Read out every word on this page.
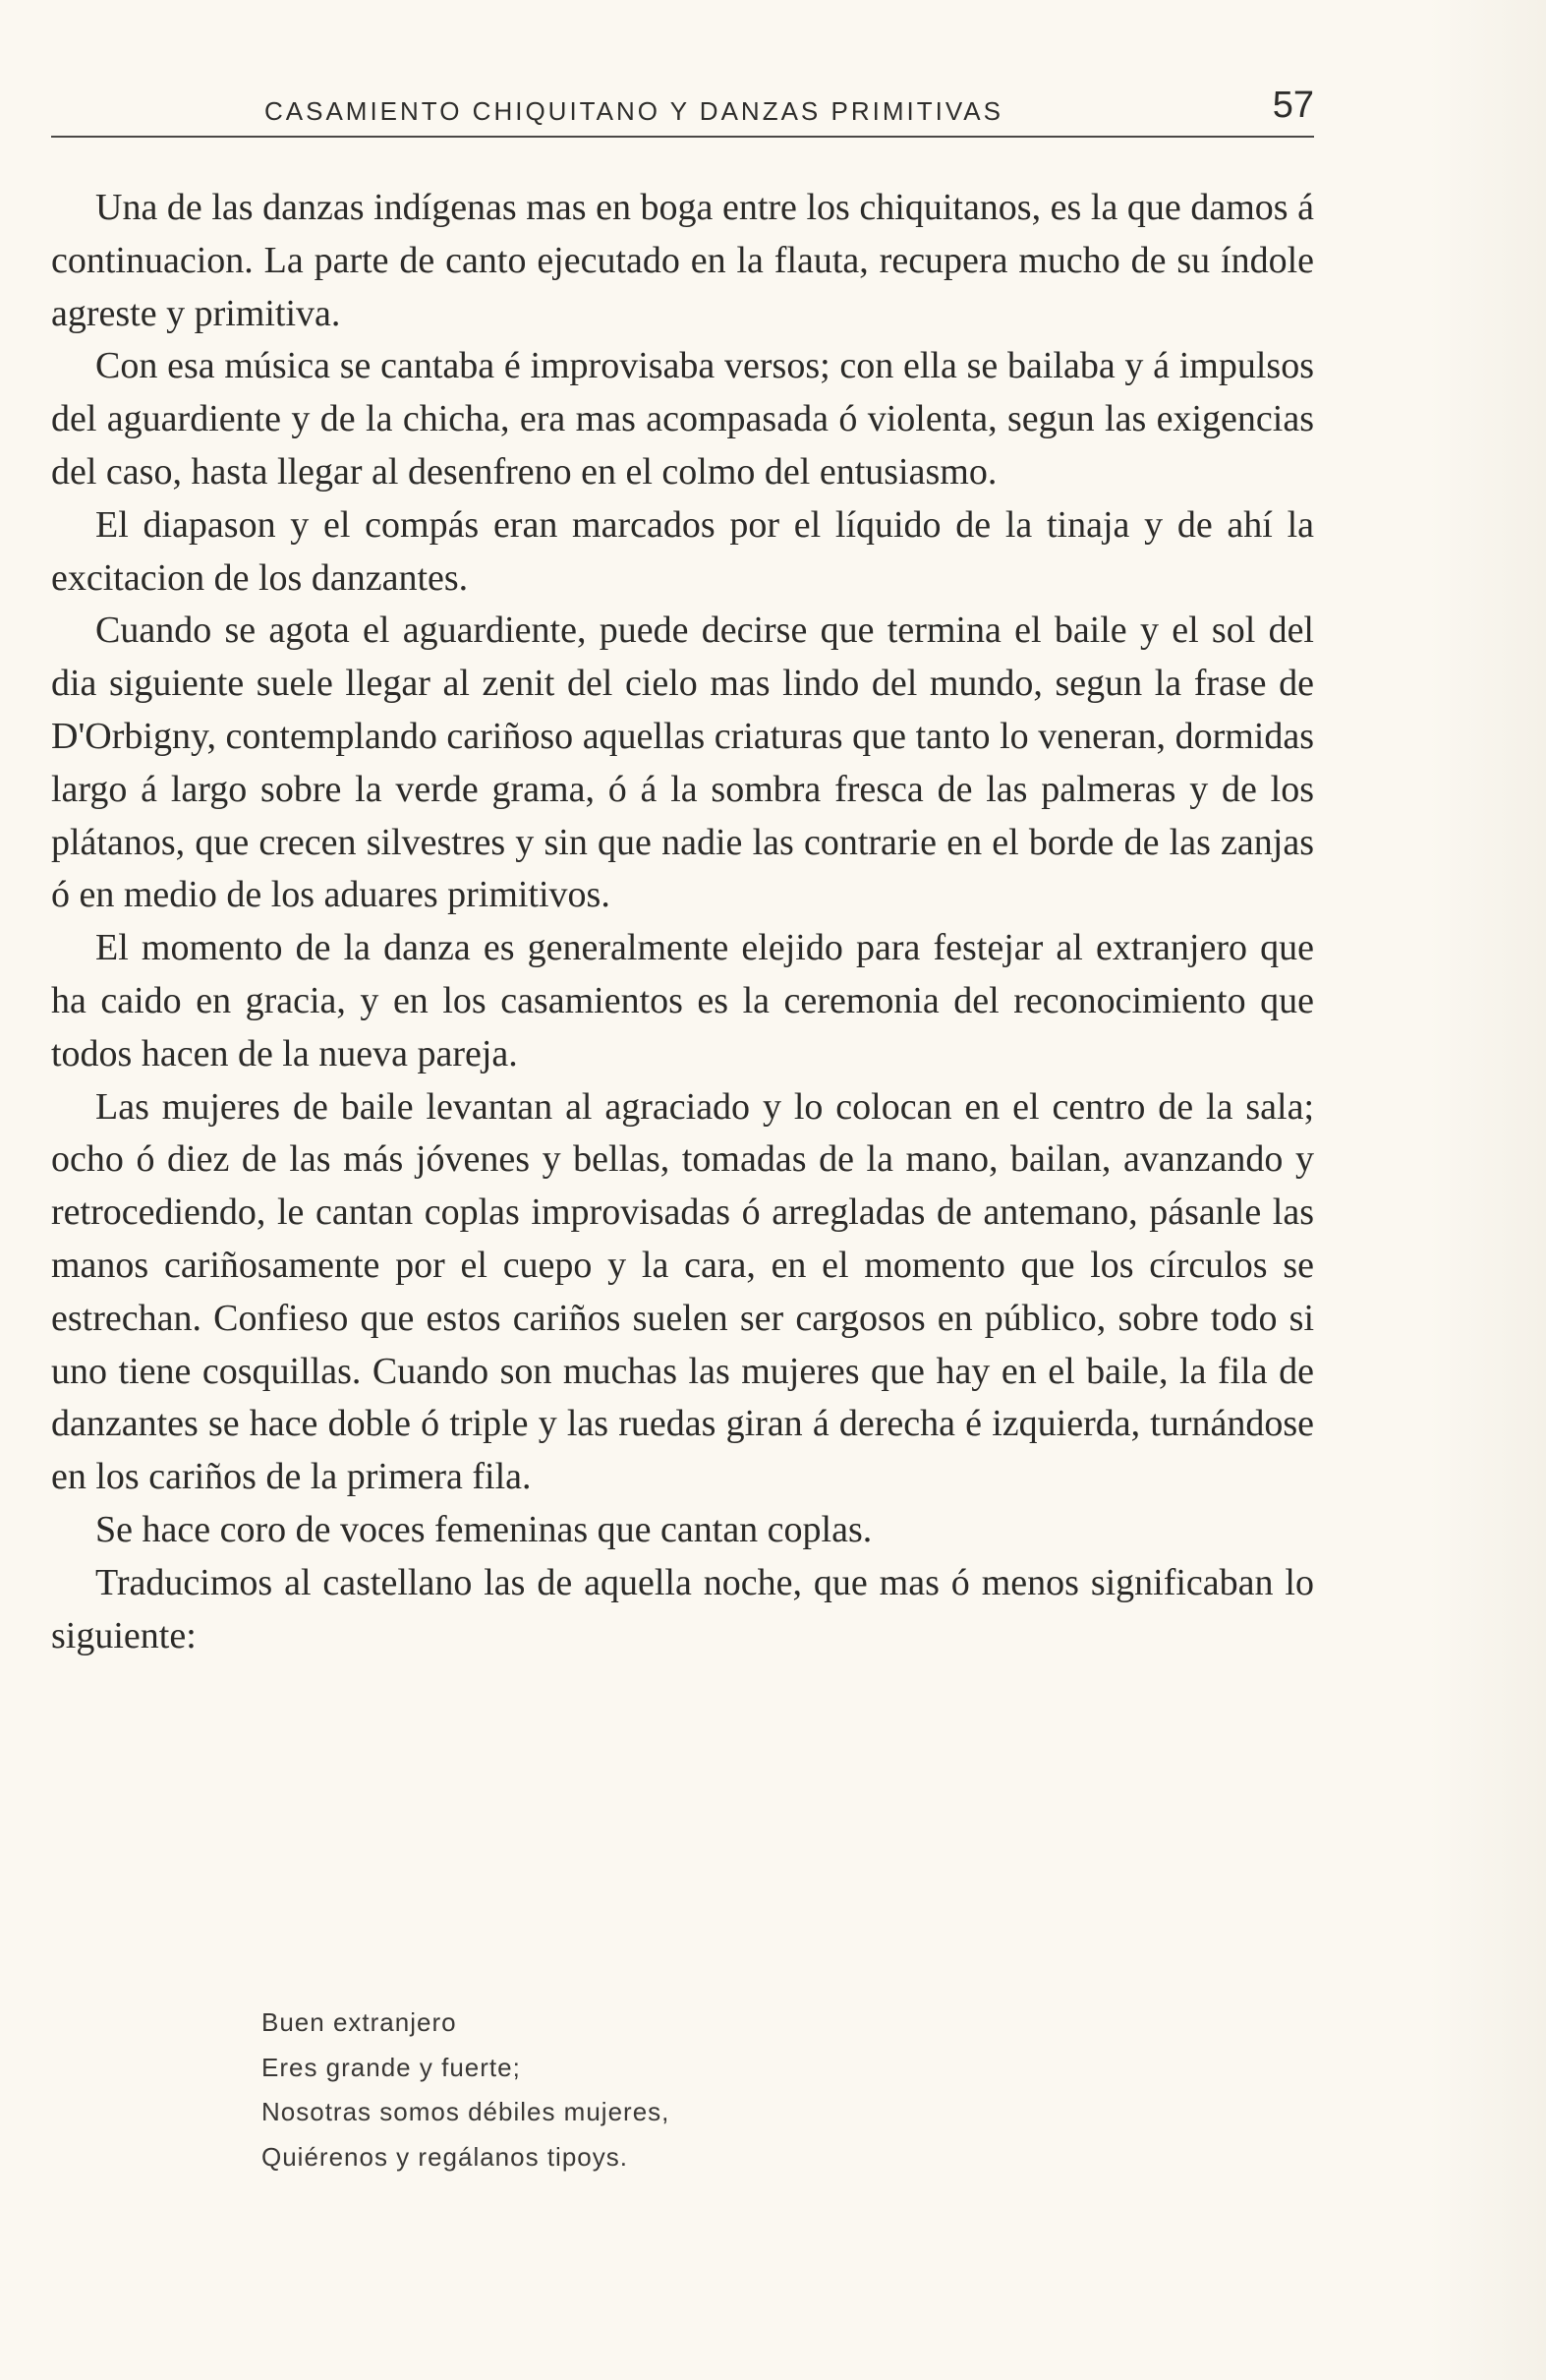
CASAMIENTO CHIQUITANO Y DANZAS PRIMITIVAS	57

Una de las danzas indígenas mas en boga entre los chiquitanos, es la que damos á continuacion. La parte de canto ejecutado en la flauta, recupera mucho de su índole agreste y primitiva.

Con esa música se cantaba é improvisaba versos; con ella se bailaba y á impulsos del aguardiente y de la chicha, era mas acompasada ó violenta, segun las exigencias del caso, hasta llegar al desenfreno en el colmo del entusiasmo.

El diapason y el compás eran marcados por el líquido de la tinaja y de ahí la excitacion de los danzantes.

Cuando se agota el aguardiente, puede decirse que termina el baile y el sol del dia siguiente suele llegar al zenit del cielo mas lindo del mundo, segun la frase de D'Orbigny, contemplando cariñoso aquellas criaturas que tanto lo veneran, dormidas largo á largo sobre la verde grama, ó á la sombra fresca de las palmeras y de los plátanos, que crecen silvestres y sin que nadie las contrarie en el borde de las zanjas ó en medio de los aduares primitivos.

El momento de la danza es generalmente elejido para festejar al extranjero que ha caido en gracia, y en los casamientos es la ceremonia del reconocimiento que todos hacen de la nueva pareja.

Las mujeres de baile levantan al agraciado y lo colocan en el centro de la sala; ocho ó diez de las más jóvenes y bellas, tomadas de la mano, bailan, avanzando y retrocediendo, le cantan coplas improvisadas ó arregladas de antemano, pásanle las manos cariñosamente por el cuepo y la cara, en el momento que los círculos se estrechan. Confieso que estos cariños suelen ser cargosos en público, sobre todo si uno tiene cosquillas. Cuando son muchas las mujeres que hay en el baile, la fila de danzantes se hace doble ó triple y las ruedas giran á derecha é izquierda, turnándose en los cariños de la primera fila.

Se hace coro de voces femeninas que cantan coplas.

Traducimos al castellano las de aquella noche, que mas ó menos significaban lo siguiente:

Buen extranjero
Eres grande y fuerte;
Nosotras somos débiles mujeres,
Quiérenos y regálanos tipoys.
